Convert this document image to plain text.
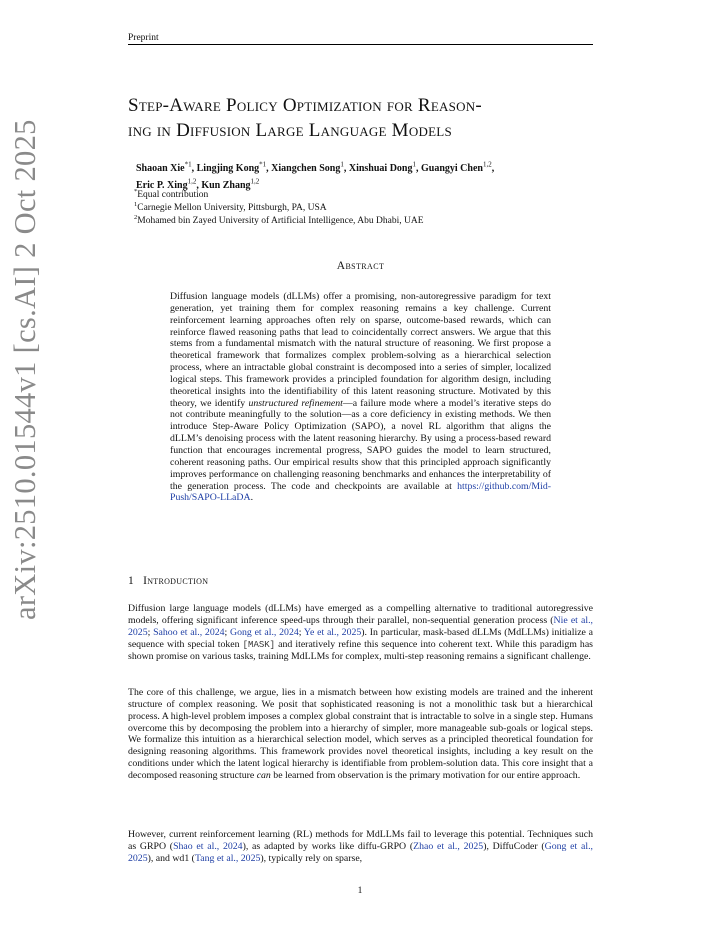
arXiv:2510.01544v1 [cs.AI] 2 Oct 2025
Preprint
Step-Aware Policy Optimization for Reason-
ing in Diffusion Large Language Models
Shaoan Xie$^{*1}$, Lingjing Kong$^{*1}$, Xiangchen Song$^1$, Xinshuai Dong$^1$, Guangyi Chen$^{1,2}$,
Eric P. Xing$^{1,2}$, Kun Zhang$^{1,2}$
*Equal contribution
$^1$Carnegie Mellon University, Pittsburgh, PA, USA
$^2$Mohamed bin Zayed University of Artificial Intelligence, Abu Dhabi, UAE
Abstract
Diffusion language models (dLLMs) offer a promising, non-autoregressive paradigm for text generation, yet training them for complex reasoning remains a key challenge. Current reinforcement learning approaches often rely on sparse, outcome-based rewards, which can reinforce flawed reasoning paths that lead to coincidentally correct answers. We argue that this stems from a fundamental mismatch with the natural structure of reasoning. We first propose a theoretical framework that formalizes complex problem-solving as a hierarchical selection process, where an intractable global constraint is decomposed into a series of simpler, localized logical steps. This framework provides a principled foundation for algorithm design, including theoretical insights into the identifiability of this latent reasoning structure. Motivated by this theory, we identify unstructured refinement—a failure mode where a model’s iterative steps do not contribute meaningfully to the solution—as a core deficiency in existing methods. We then introduce Step-Aware Policy Optimization (SAPO), a novel RL algorithm that aligns the dLLM’s denoising process with the latent reasoning hierarchy. By using a process-based reward function that encourages incremental progress, SAPO guides the model to learn structured, coherent reasoning paths. Our empirical results show that this principled approach significantly improves performance on challenging reasoning benchmarks and enhances the interpretability of the generation process. The code and checkpoints are available at https://github.com/Mid-Push/SAPO-LLaDA.
1 Introduction
Diffusion large language models (dLLMs) have emerged as a compelling alternative to traditional autoregressive models, offering significant inference speed-ups through their parallel, non-sequential generation process (Nie et al., 2025; Sahoo et al., 2024; Gong et al., 2024; Ye et al., 2025). In particular, mask-based dLLMs (MdLLMs) initialize a sequence with special token [MASK] and iteratively refine this sequence into coherent text. While this paradigm has shown promise on various tasks, training MdLLMs for complex, multi-step reasoning remains a significant challenge.
The core of this challenge, we argue, lies in a mismatch between how existing models are trained and the inherent structure of complex reasoning. We posit that sophisticated reasoning is not a monolithic task but a hierarchical process. A high-level problem imposes a complex global constraint that is intractable to solve in a single step. Humans overcome this by decomposing the problem into a hierarchy of simpler, more manageable sub-goals or logical steps. We formalize this intuition as a hierarchical selection model, which serves as a principled theoretical foundation for designing reasoning algorithms. This framework provides novel theoretical insights, including a key result on the conditions under which the latent logical hierarchy is identifiable from problem-solution data. This core insight that a decomposed reasoning structure can be learned from observation is the primary motivation for our entire approach.
However, current reinforcement learning (RL) methods for MdLLMs fail to leverage this potential. Techniques such as GRPO (Shao et al., 2024), as adapted by works like diffu-GRPO (Zhao et al., 2025), DiffuCoder (Gong et al., 2025), and wd1 (Tang et al., 2025), typically rely on sparse,
1
